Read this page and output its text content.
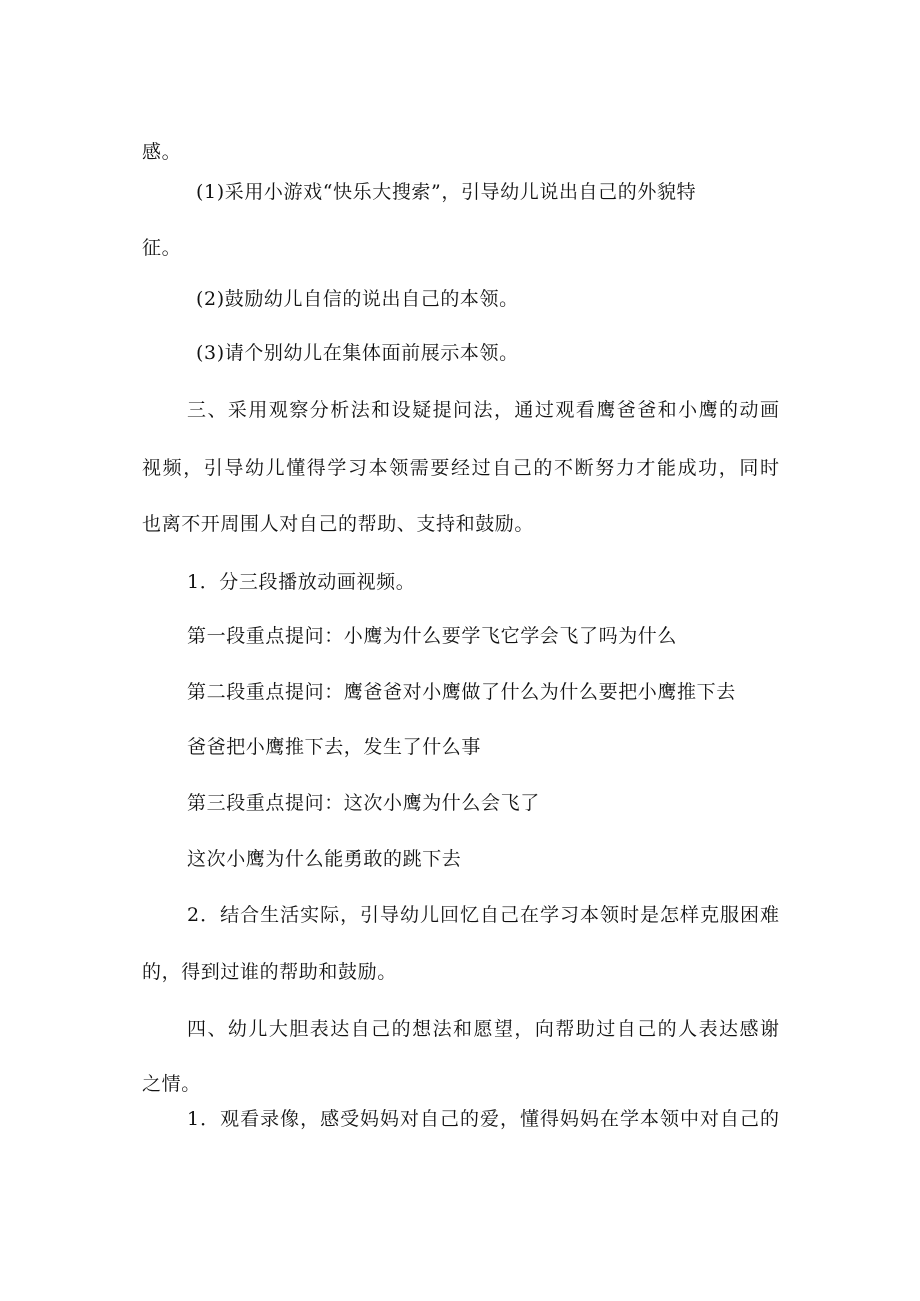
感。
(1)采用小游戏“快乐大搜索”，引导幼儿说出自己的外貌特
征。
(2)鼓励幼儿自信的说出自己的本领。
(3)请个别幼儿在集体面前展示本领。
三、采用观察分析法和设疑提问法，通过观看鹰爸爸和小鹰的动画
视频，引导幼儿懂得学习本领需要经过自己的不断努力才能成功，同时
也离不开周围人对自己的帮助、支持和鼓励。
1．分三段播放动画视频。
第一段重点提问：小鹰为什么要学飞它学会飞了吗为什么
第二段重点提问：鹰爸爸对小鹰做了什么为什么要把小鹰推下去
爸爸把小鹰推下去，发生了什么事
第三段重点提问：这次小鹰为什么会飞了
这次小鹰为什么能勇敢的跳下去
2．结合生活实际，引导幼儿回忆自己在学习本领时是怎样克服困难
的，得到过谁的帮助和鼓励。
四、幼儿大胆表达自己的想法和愿望，向帮助过自己的人表达感谢
之情。
1．观看录像，感受妈妈对自己的爱，懂得妈妈在学本领中对自己的
